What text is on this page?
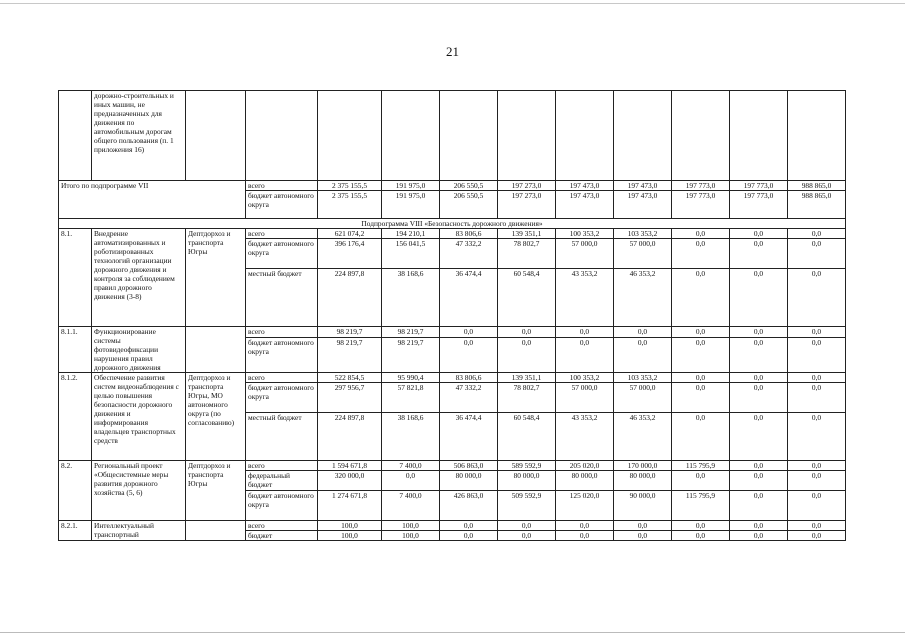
21
	дорожно-строительных и иных машин, не предназначенных для движения по автомобильным дорогам общего пользования (п. 1 приложения 16)											
Итого по подпрограмме VII			всего	2 375 155,5	191 975,0	206 550,5	197 273,0	197 473,0	197 473,0	197 773,0	197 773,0	988 865,0
			бюджет автономного округа	2 375 155,5	191 975,0	206 550,5	197 273,0	197 473,0	197 473,0	197 773,0	197 773,0	988 865,0
Подпрограмма VIII «Безопасность дорожного движения»												
8.1.	Внедрение автоматизированных и роботизированных технологий организации дорожного движения и контроля за соблюдением правил дорожного движения (3-8)	Дептдорхоз и транспорта Югры	всего	621 074,2	194 210,1	83 806,6	139 351,1	100 353,2	103 353,2	0,0	0,0	0,0
			бюджет автономного округа	396 176,4	156 041,5	47 332,2	78 802,7	57 000,0	57 000,0	0,0	0,0	0,0
			местный бюджет	224 897,8	38 168,6	36 474,4	60 548,4	43 353,2	46 353,2	0,0	0,0	0,0
8.1.1.	Функционирование системы фотовидеофиксации нарушения правил дорожного движения		всего	98 219,7	98 219,7	0,0	0,0	0,0	0,0	0,0	0,0	0,0
			бюджет автономного округа	98 219,7	98 219,7	0,0	0,0	0,0	0,0	0,0	0,0	0,0
8.1.2.	Обеспечение развития систем видеонаблюдения с целью повышения безопасности дорожного движения и информирования владельцев транспортных средств	Дептдорхоз и транспорта Югры, МО автономного округа (по согласованию)	всего	522 854,5	95 990,4	83 806,6	139 351,1	100 353,2	103 353,2	0,0	0,0	0,0
			бюджет автономного округа	297 956,7	57 821,8	47 332,2	78 802,7	57 000,0	57 000,0	0,0	0,0	0,0
			местный бюджет	224 897,8	38 168,6	36 474,4	60 548,4	43 353,2	46 353,2	0,0	0,0	0,0
8.2.	Региональный проект «Общесистемные меры развития дорожного хозяйства (5, 6)	Дептдорхоз и транспорта Югры	всего	1 594 671,8	7 400,0	506 863,0	589 592,9	205 020,0	170 000,0	115 795,9	0,0	0,0
			федеральный бюджет	320 000,0	0,0	80 000,0	80 000,0	80 000,0	80 000,0	0,0	0,0	0,0
			бюджет автономного округа	1 274 671,8	7 400,0	426 863,0	509 592,9	125 020,0	90 000,0	115 795,9	0,0	0,0
8.2.1.	Интеллектуальный транспортный		всего	100,0	100,0	0,0	0,0	0,0	0,0	0,0	0,0	0,0
			бюджет	100,0	100,0	0,0	0,0	0,0	0,0	0,0	0,0	0,0
